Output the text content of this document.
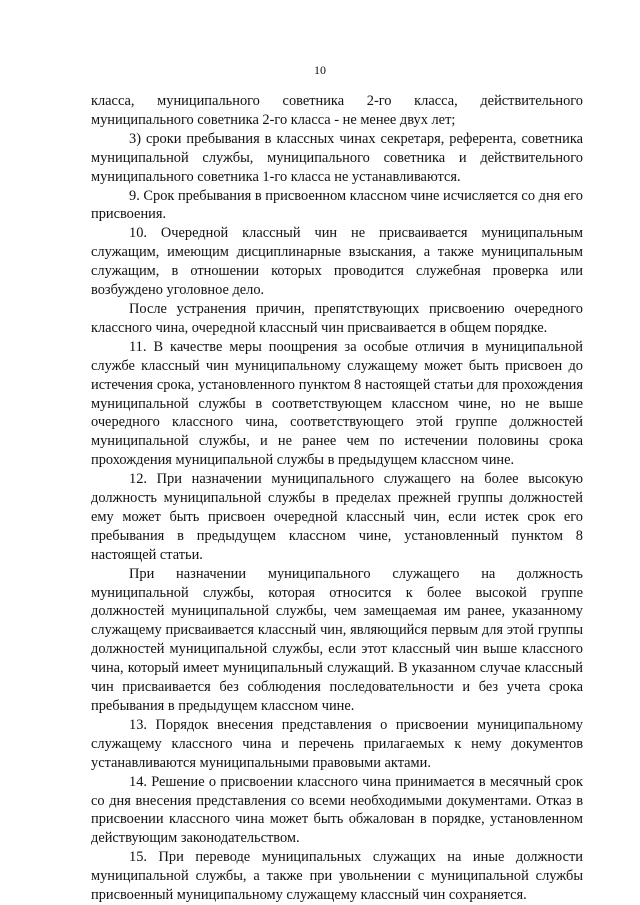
10

класса, муниципального советника 2-го класса, действительного муниципального советника 2-го класса - не менее двух лет;

3) сроки пребывания в классных чинах секретаря, референта, советника муниципальной службы, муниципального советника и действительного муниципального советника 1-го класса не устанавливаются.

9. Срок пребывания в присвоенном классном чине исчисляется со дня его присвоения.

10. Очередной классный чин не присваивается муниципальным служащим, имеющим дисциплинарные взыскания, а также муниципальным служащим, в отношении которых проводится служебная проверка или возбуждено уголовное дело.

После устранения причин, препятствующих присвоению очередного классного чина, очередной классный чин присваивается в общем порядке.

11. В качестве меры поощрения за особые отличия в муниципальной службе классный чин муниципальному служащему может быть присвоен до истечения срока, установленного пунктом 8 настоящей статьи для прохождения муниципальной службы в соответствующем классном чине, но не выше очередного классного чина, соответствующего этой группе должностей муниципальной службы, и не ранее чем по истечении половины срока прохождения муниципальной службы в предыдущем классном чине.

12. При назначении муниципального служащего на более высокую должность муниципальной службы в пределах прежней группы должностей ему может быть присвоен очередной классный чин, если истек срок его пребывания в предыдущем классном чине, установленный пунктом 8 настоящей статьи.

При назначении муниципального служащего на должность муниципальной службы, которая относится к более высокой группе должностей муниципальной службы, чем замещаемая им ранее, указанному служащему присваивается классный чин, являющийся первым для этой группы должностей муниципальной службы, если этот классный чин выше классного чина, который имеет муниципальный служащий. В указанном случае классный чин присваивается без соблюдения последовательности и без учета срока пребывания в предыдущем классном чине.

13. Порядок внесения представления о присвоении муниципальному служащему классного чина и перечень прилагаемых к нему документов устанавливаются муниципальными правовыми актами.

14. Решение о присвоении классного чина принимается в месячный срок со дня внесения представления со всеми необходимыми документами. Отказ в присвоении классного чина может быть обжалован в порядке, установленном действующим законодательством.

15. При переводе муниципальных служащих на иные должности муниципальной службы, а также при увольнении с муниципальной службы присвоенный муниципальному служащему классный чин сохраняется.
